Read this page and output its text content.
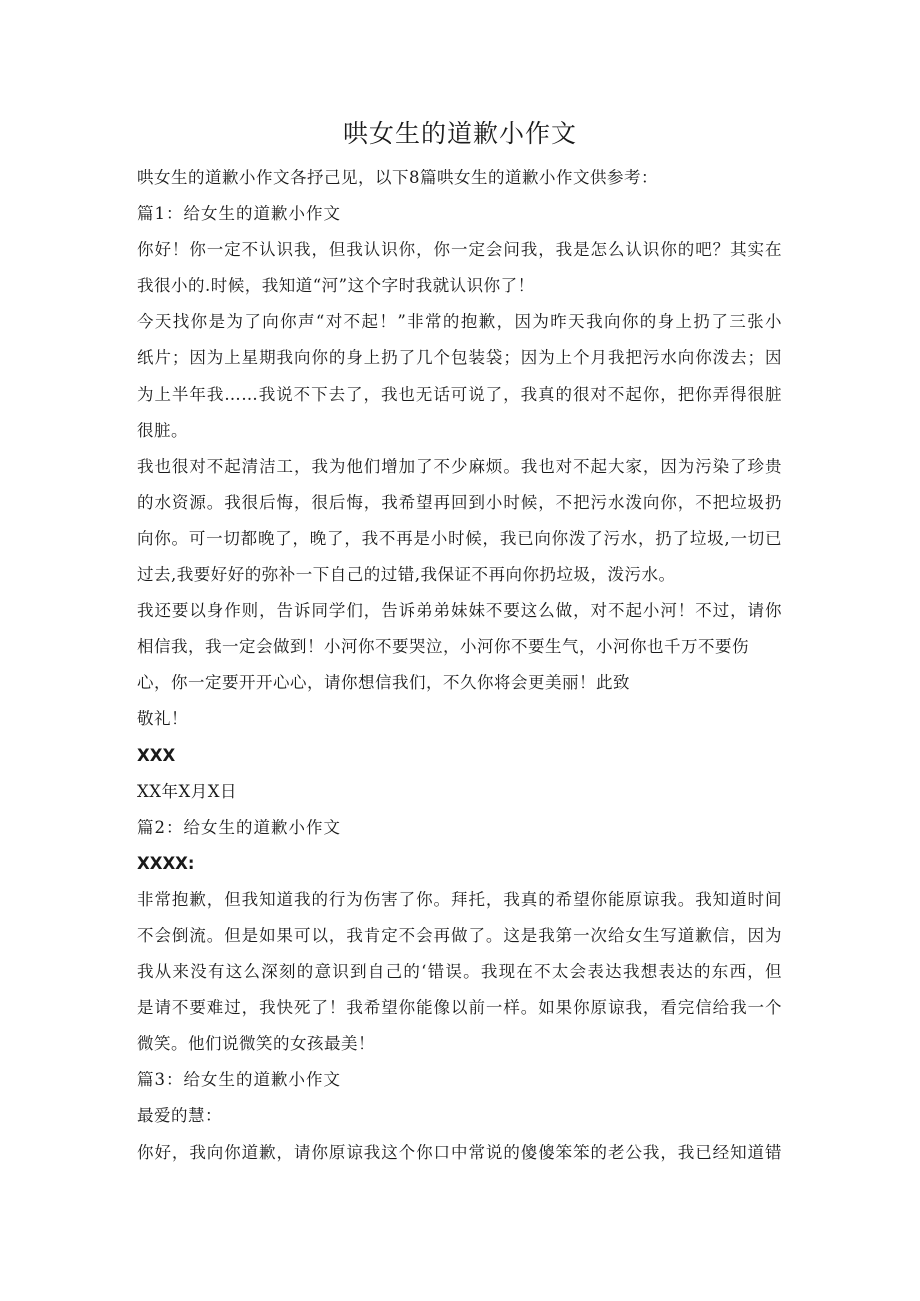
哄女生的道歉小作文
哄女生的道歉小作文各抒己见，以下8篇哄女生的道歉小作文供参考：
篇1：给女生的道歉小作文
你好！你一定不认识我，但我认识你，你一定会问我，我是怎么认识你的吧？其实在
我很小的.时候，我知道“河”这个字时我就认识你了！
今天找你是为了向你声“对不起！”非常的抱歉，因为昨天我向你的身上扔了三张小
纸片；因为上星期我向你的身上扔了几个包装袋；因为上个月我把污水向你泼去；因
为上半年我……我说不下去了，我也无话可说了，我真的很对不起你，把你弄得很脏
很脏。
我也很对不起清洁工，我为他们增加了不少麻烦。我也对不起大家，因为污染了珍贵
的水资源。我很后悔，很后悔，我希望再回到小时候，不把污水泼向你，不把垃圾扔
向你。可一切都晚了，晚了，我不再是小时候，我已向你泼了污水，扔了垃圾,一切已
过去,我要好好的弥补一下自己的过错,我保证不再向你扔垃圾，泼污水。
我还要以身作则，告诉同学们，告诉弟弟妹妹不要这么做，对不起小河！不过，请你
相信我，我一定会做到！小河你不要哭泣，小河你不要生气，小河你也千万不要伤
心，你一定要开开心心，请你想信我们，不久你将会更美丽！此致
敬礼！
XXX
XX年X月X日
篇2：给女生的道歉小作文
XXXX:
非常抱歉，但我知道我的行为伤害了你。拜托，我真的希望你能原谅我。我知道时间
不会倒流。但是如果可以，我肯定不会再做了。这是我第一次给女生写道歉信，因为
我从来没有这么深刻的意识到自己的‘错误。我现在不太会表达我想表达的东西，但
是请不要难过，我快死了！我希望你能像以前一样。如果你原谅我，看完信给我一个
微笑。他们说微笑的女孩最美！
篇3：给女生的道歉小作文
最爱的慧：
你好，我向你道歉，请你原谅我这个你口中常说的傻傻笨笨的老公我，我已经知道错
